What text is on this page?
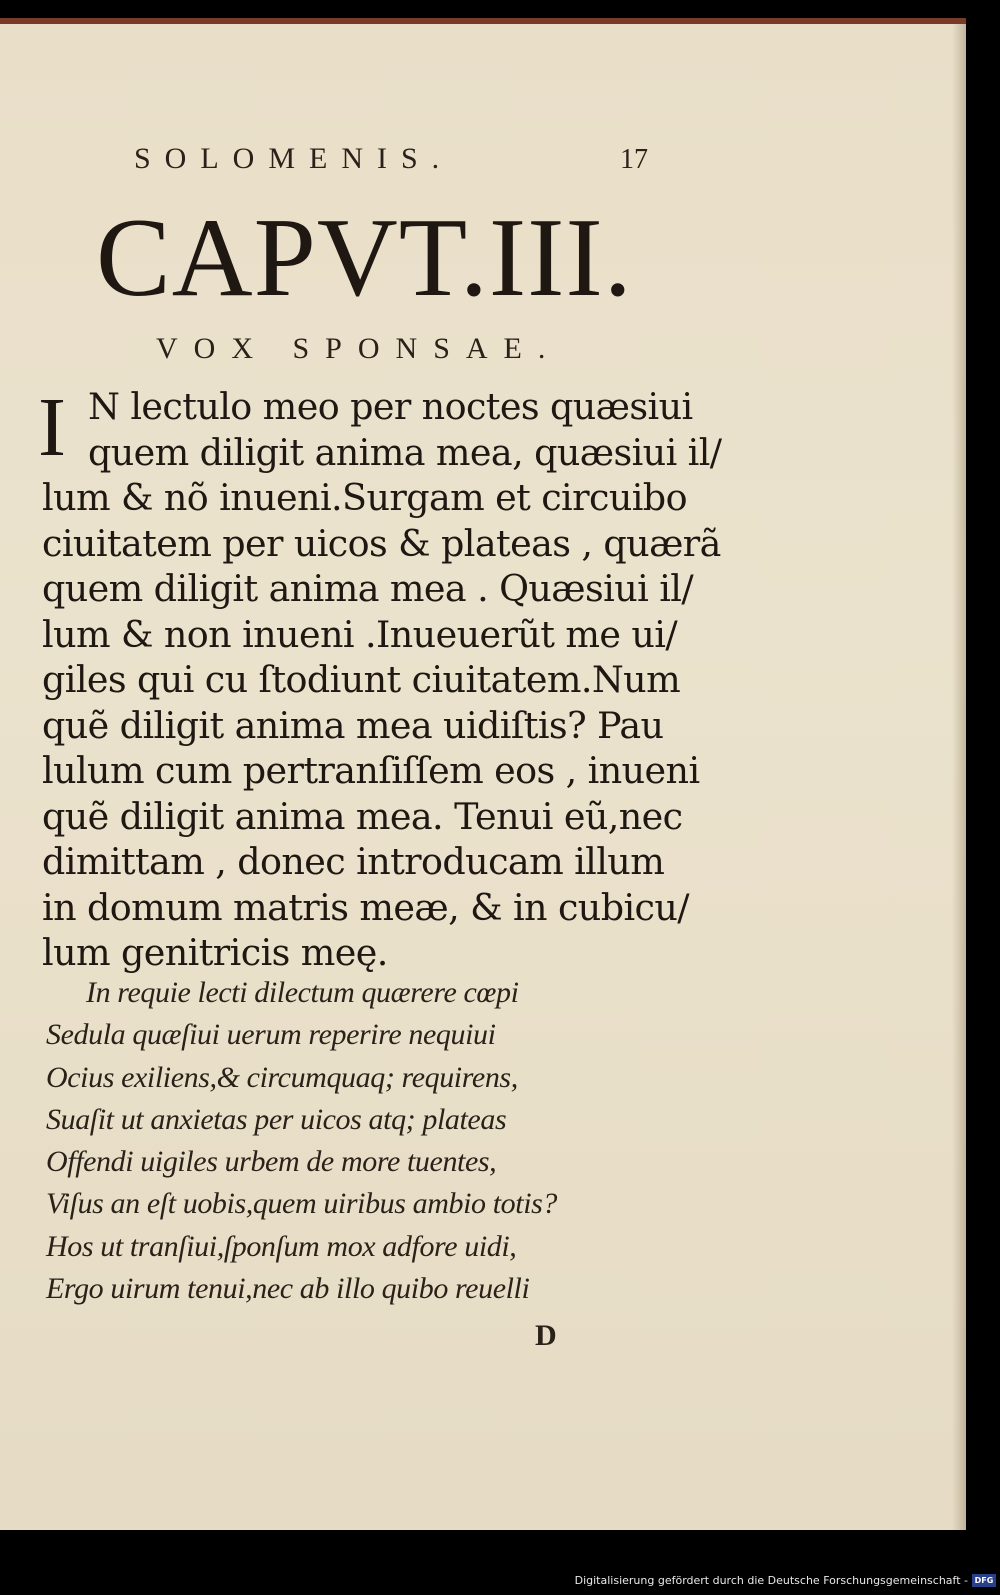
SOLOMENIS.	17
CAPVT.III.
VOX SPONSAE.
I N lectulo meo per noctes quæsiui
quem diligit anima mea, quæsiui il/
lum & nõ inueni.Surgam et circuibo
ciuitatem per uicos & plateas , quærã
quem diligit anima mea . Quæsiui il/
lum & non inueni .Inueuerũt me ui/
giles qui cu ſtodiunt ciuitatem.Num
quẽ diligit anima mea uidiſtis? Pau
lulum cum pertranſiſſem eos , inueni
quẽ diligit anima mea. Tenui eũ,nec
dimittam , donec introducam illum
in domum matris meæ, & in cubicu/
lum genitricis meę.
In requie lecti dilectum quærere cœpi
Sedula quæſiui uerum reperire nequiui
Ocius exiliens,& circumquaq; requirens,
Suaſit ut anxietas per uicos atq; plateas
Offendi uigiles urbem de more tuentes,
Viſus an eſt uobis,quem uiribus ambio totis?
Hos ut tranſiui,ſponſum mox adfore uidi,
Ergo uirum tenui,nec ab illo quibo reuelli
D
Digitalisierung gefördert durch die Deutsche Forschungsgemeinschaft - DFG
